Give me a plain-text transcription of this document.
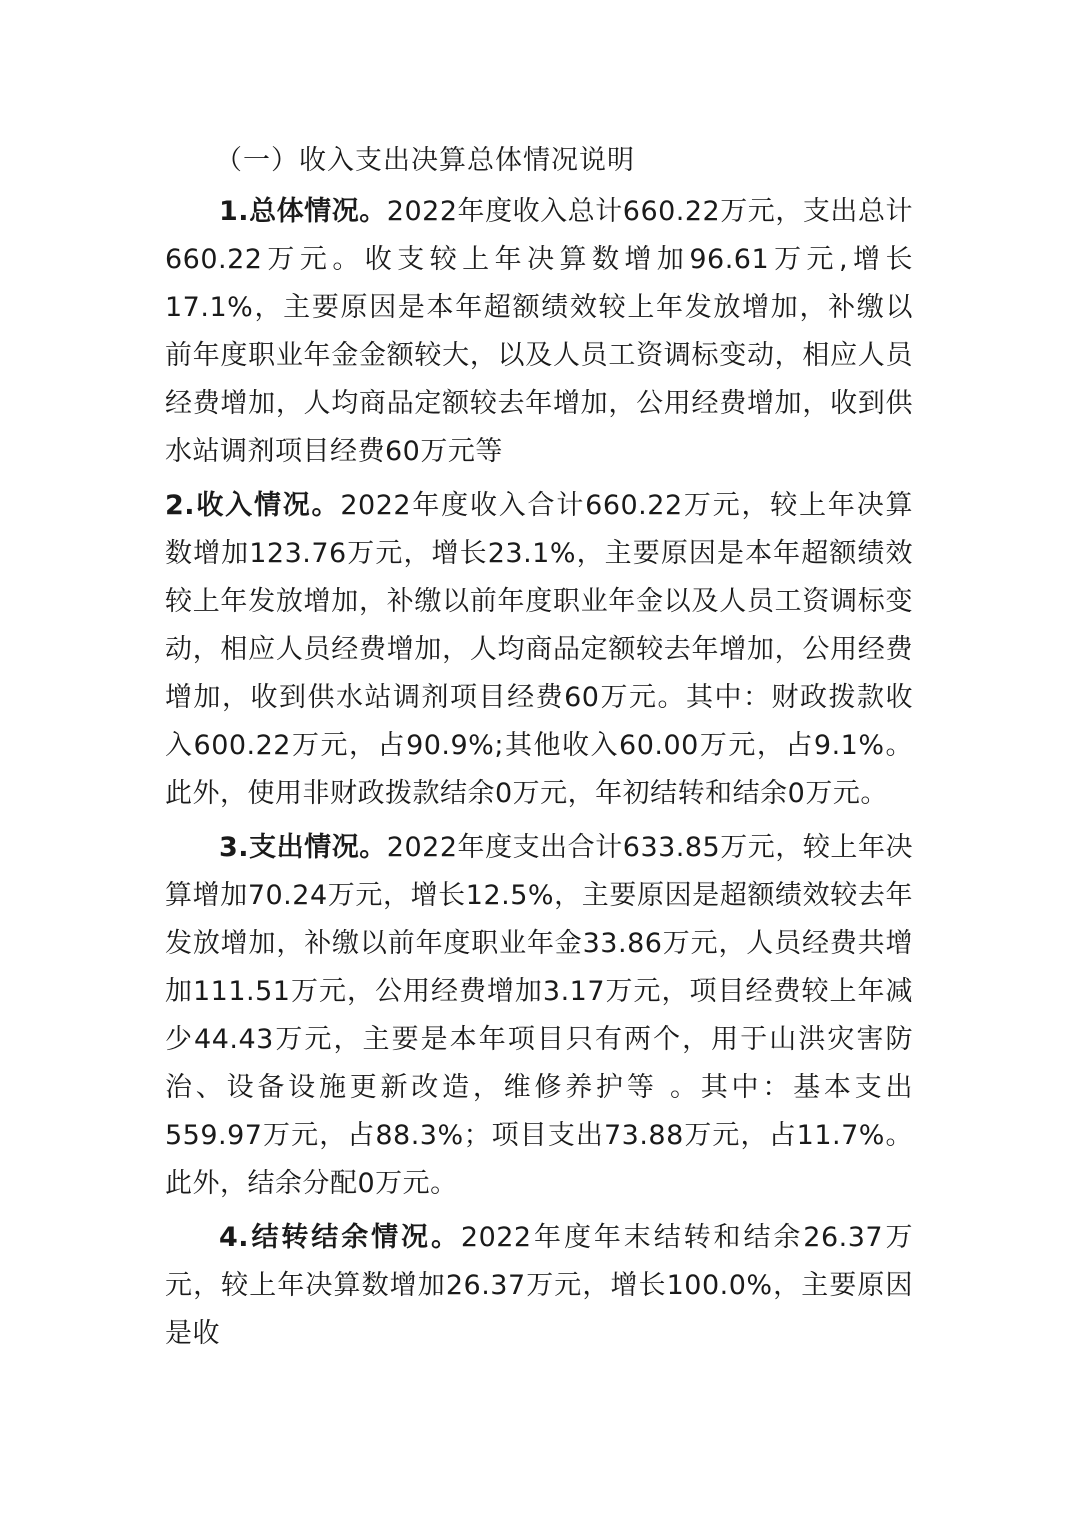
（一）收入支出决算总体情况说明

1.总体情况。2022年度收入总计660.22万元，支出总计660.22万元。收支较上年决算数增加96.61万元,增长17.1%，主要原因是本年超额绩效较上年发放增加，补缴以前年度职业年金金额较大，以及人员工资调标变动，相应人员经费增加，人均商品定额较去年增加，公用经费增加，收到供水站调剂项目经费60万元等

2.收入情况。2022年度收入合计660.22万元，较上年决算数增加123.76万元，增长23.1%，主要原因是本年超额绩效较上年发放增加，补缴以前年度职业年金以及人员工资调标变动，相应人员经费增加，人均商品定额较去年增加，公用经费增加，收到供水站调剂项目经费60万元。其中：财政拨款收入600.22万元，占90.9%;其他收入60.00万元，占9.1%。此外，使用非财政拨款结余0万元，年初结转和结余0万元。

3.支出情况。2022年度支出合计633.85万元，较上年决算增加70.24万元，增长12.5%，主要原因是超额绩效较去年发放增加，补缴以前年度职业年金33.86万元，人员经费共增加111.51万元，公用经费增加3.17万元，项目经费较上年减少44.43万元，主要是本年项目只有两个，用于山洪灾害防治、设备设施更新改造，维修养护等 。其中：基本支出559.97万元，占88.3%；项目支出73.88万元，占11.7%。此外，结余分配0万元。

4.结转结余情况。2022年度年末结转和结余26.37万元，较上年决算数增加26.37万元，增长100.0%，主要原因是收
